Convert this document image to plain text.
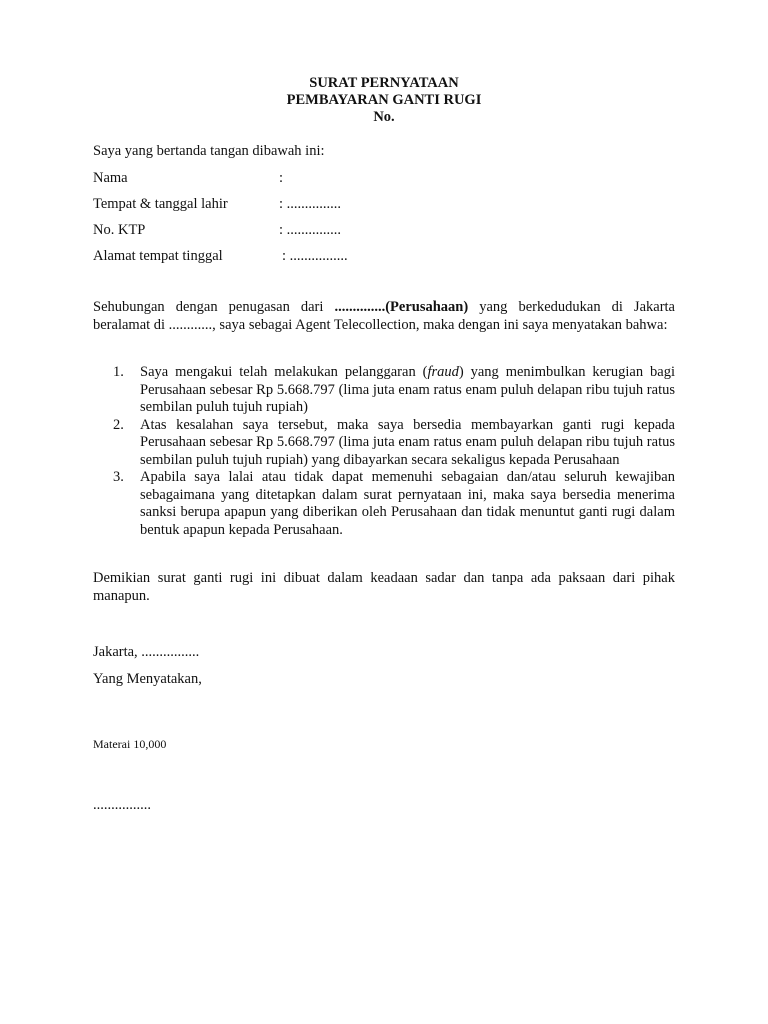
SURAT PERNYATAAN
PEMBAYARAN GANTI RUGI
No.
Saya yang bertanda tangan dibawah ini:
Nama	:
Tempat & tanggal lahir	: ...............
No. KTP	: ...............
Alamat tempat tinggal	: ................
Sehubungan dengan penugasan dari ..............(Perusahaan) yang berkedudukan di Jakarta beralamat di ............, saya sebagai Agent Telecollection, maka dengan ini saya menyatakan bahwa:
1. Saya mengakui telah melakukan pelanggaran (fraud) yang menimbulkan kerugian bagi Perusahaan sebesar Rp 5.668.797 (lima juta enam ratus enam puluh delapan ribu tujuh ratus sembilan puluh tujuh rupiah)
2. Atas kesalahan saya tersebut, maka saya bersedia membayarkan ganti rugi kepada Perusahaan sebesar Rp 5.668.797 (lima juta enam ratus enam puluh delapan ribu tujuh ratus sembilan puluh tujuh rupiah) yang dibayarkan secara sekaligus kepada Perusahaan
3. Apabila saya lalai atau tidak dapat memenuhi sebagaian dan/atau seluruh kewajiban sebagaimana yang ditetapkan dalam surat pernyataan ini, maka saya bersedia menerima sanksi berupa apapun yang diberikan oleh Perusahaan dan tidak menuntut ganti rugi dalam bentuk apapun kepada Perusahaan.
Demikian surat ganti rugi ini dibuat dalam keadaan sadar dan tanpa ada paksaan dari pihak manapun.
Jakarta, ................
Yang Menyatakan,
Materai 10,000
................
